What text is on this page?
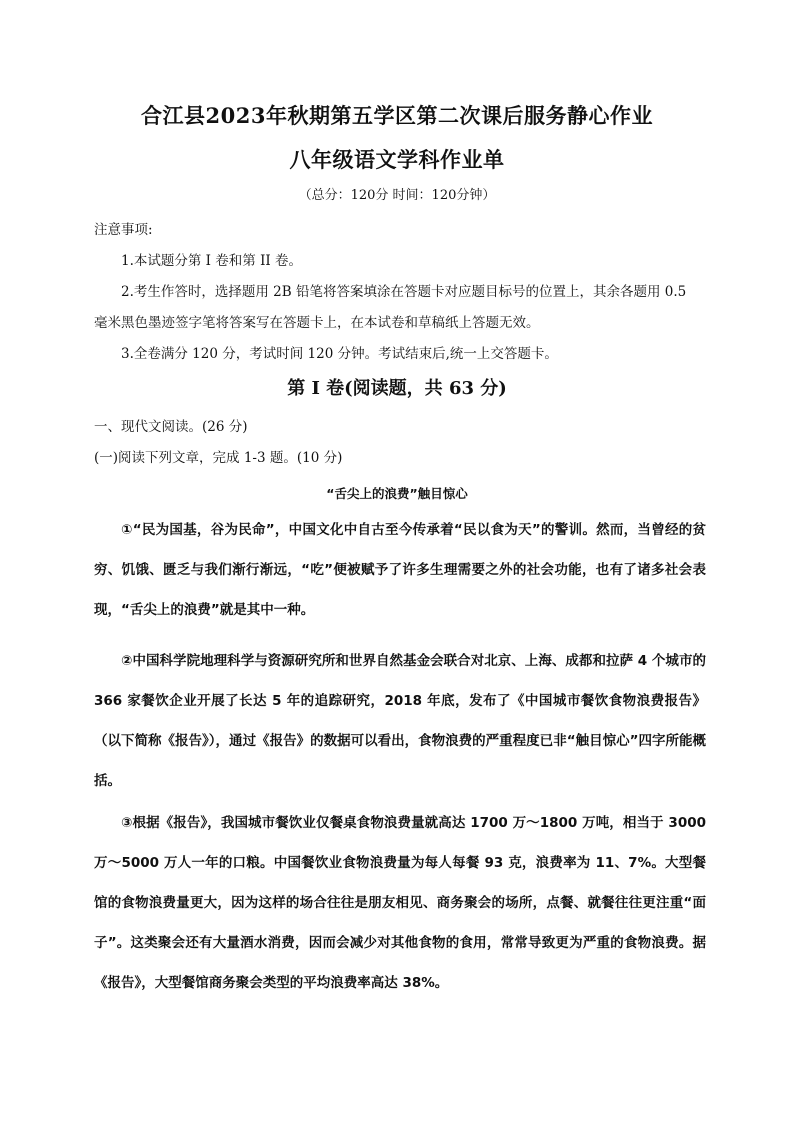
合江县2023年秋期第五学区第二次课后服务静心作业
八年级语文学科作业单
（总分：120分 时间：120分钟）
注意事项:
1.本试题分第 I 卷和第 II 卷。
2.考生作答时，选择题用 2B 铅笔将答案填涂在答题卡对应题目标号的位置上，其余各题用 0.5
毫米黑色墨迹签字笔将答案写在答题卡上，在本试卷和草稿纸上答题无效。
3.全卷满分 120 分，考试时间 120 分钟。考试结束后,统一上交答题卡。
第 I 卷(阅读题，共 63 分)
一、现代文阅读。(26 分)
(一)阅读下列文章，完成 1-3 题。(10 分)
“舌尖上的浪费”触目惊心
①“民为国基，谷为民命”，中国文化中自古至今传承着“民以食为天”的警训。然而，当曾经的贫穷、饥饿、匮乏与我们渐行渐远，“吃”便被赋予了许多生理需要之外的社会功能，也有了诸多社会表现，“舌尖上的浪费”就是其中一种。
②中国科学院地理科学与资源研究所和世界自然基金会联合对北京、上海、成都和拉萨 4 个城市的 366 家餐饮企业开展了长达 5 年的追踪研究，2018 年底，发布了《中国城市餐饮食物浪费报告》（以下简称《报告》），通过《报告》的数据可以看出，食物浪费的严重程度已非“触目惊心”四字所能概括。
③根据《报告》，我国城市餐饮业仅餐桌食物浪费量就高达 1700 万～1800 万吨，相当于 3000 万～5000 万人一年的口粮。中国餐饮业食物浪费量为每人每餐 93 克，浪费率为 11、7%。大型餐馆的食物浪费量更大，因为这样的场合往往是朋友相见、商务聚会的场所，点餐、就餐往往更注重“面子”。这类聚会还有大量酒水消费，因而会减少对其他食物的食用，常常导致更为严重的食物浪费。据《报告》，大型餐馆商务聚会类型的平均浪费率高达 38%。
